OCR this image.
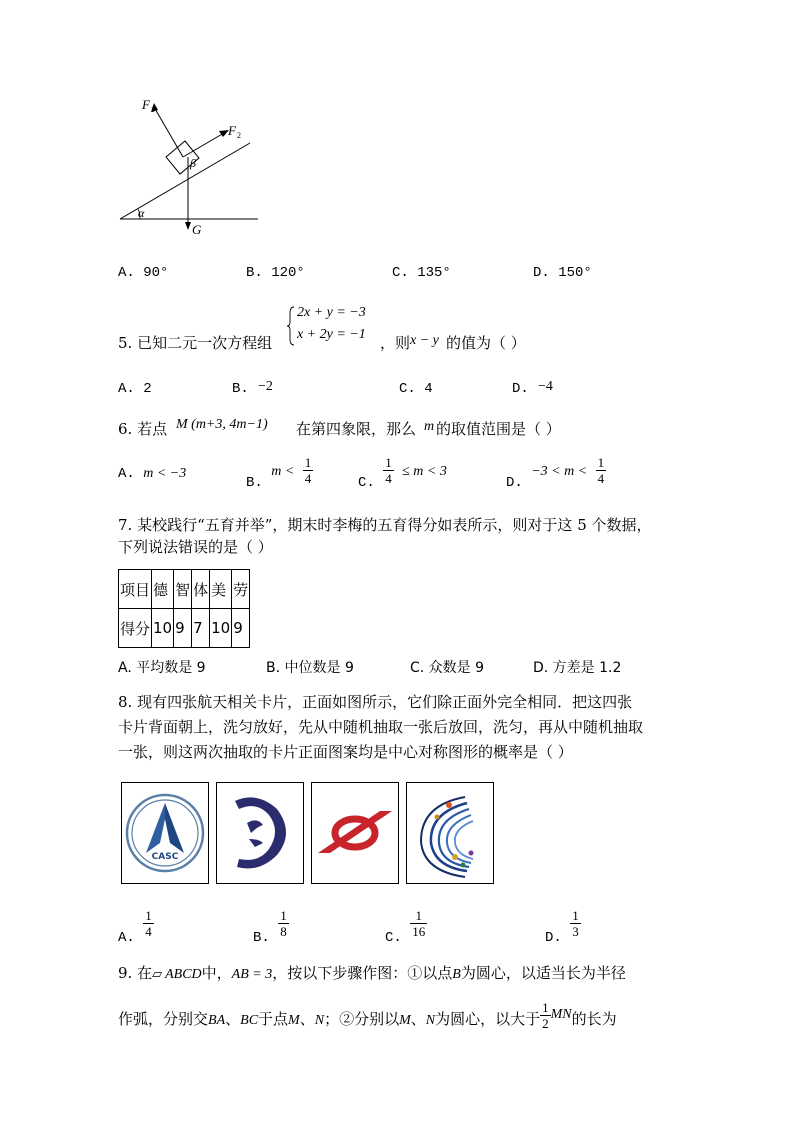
F 1
F 2
β
α
G
A. 90°	B. 120°	C. 135°	D. 150°
5. 已知二元一次方程组
2x + y = −3
x + 2y = −1 ，则 x − y 的值为（ ）
A. 2	B. −2	C. 4	D. −4
6. 若点 M (m+3, 4m−1) 在第四象限，那么 m 的取值范围是（ ）
A. m < −3
B. $m < \frac{1}{4}$	C. $\frac{1}{4} \le m < 3$
D. $-3 < m < \frac{1}{4}$
7. 某校践行“五育并举”，期末时李梅的五育得分如表所示，则对于这 5 个数据，
下列说法错误的是（ ）
项目	德	智	体	美	劳
得分	10	9	7	10	9
A. 平均数是 9	B. 中位数是 9	C. 众数是 9	D. 方差是 1.2
8. 现有四张航天相关卡片，正面如图所示，它们除正面外完全相同．把这四张
卡片背面朝上，洗匀放好，先从中随机抽取一张后放回，洗匀，再从中随机抽取
一张，则这两次抽取的卡片正面图案均是中心对称图形的概率是（ ）
CASC
A. $\frac{1}{4}$	B. $\frac{1}{8}$	C. $\frac{1}{16}$	D. $\frac{1}{3}$
9. 在▱ ABCD中，AB = 3，按以下步骤作图：①以点B为圆心，以适当长为半径
作弧，分别交BA、BC于点M、N；②分别以M、N为圆心，以大于 $\frac{1}{2}$ MN的长为
